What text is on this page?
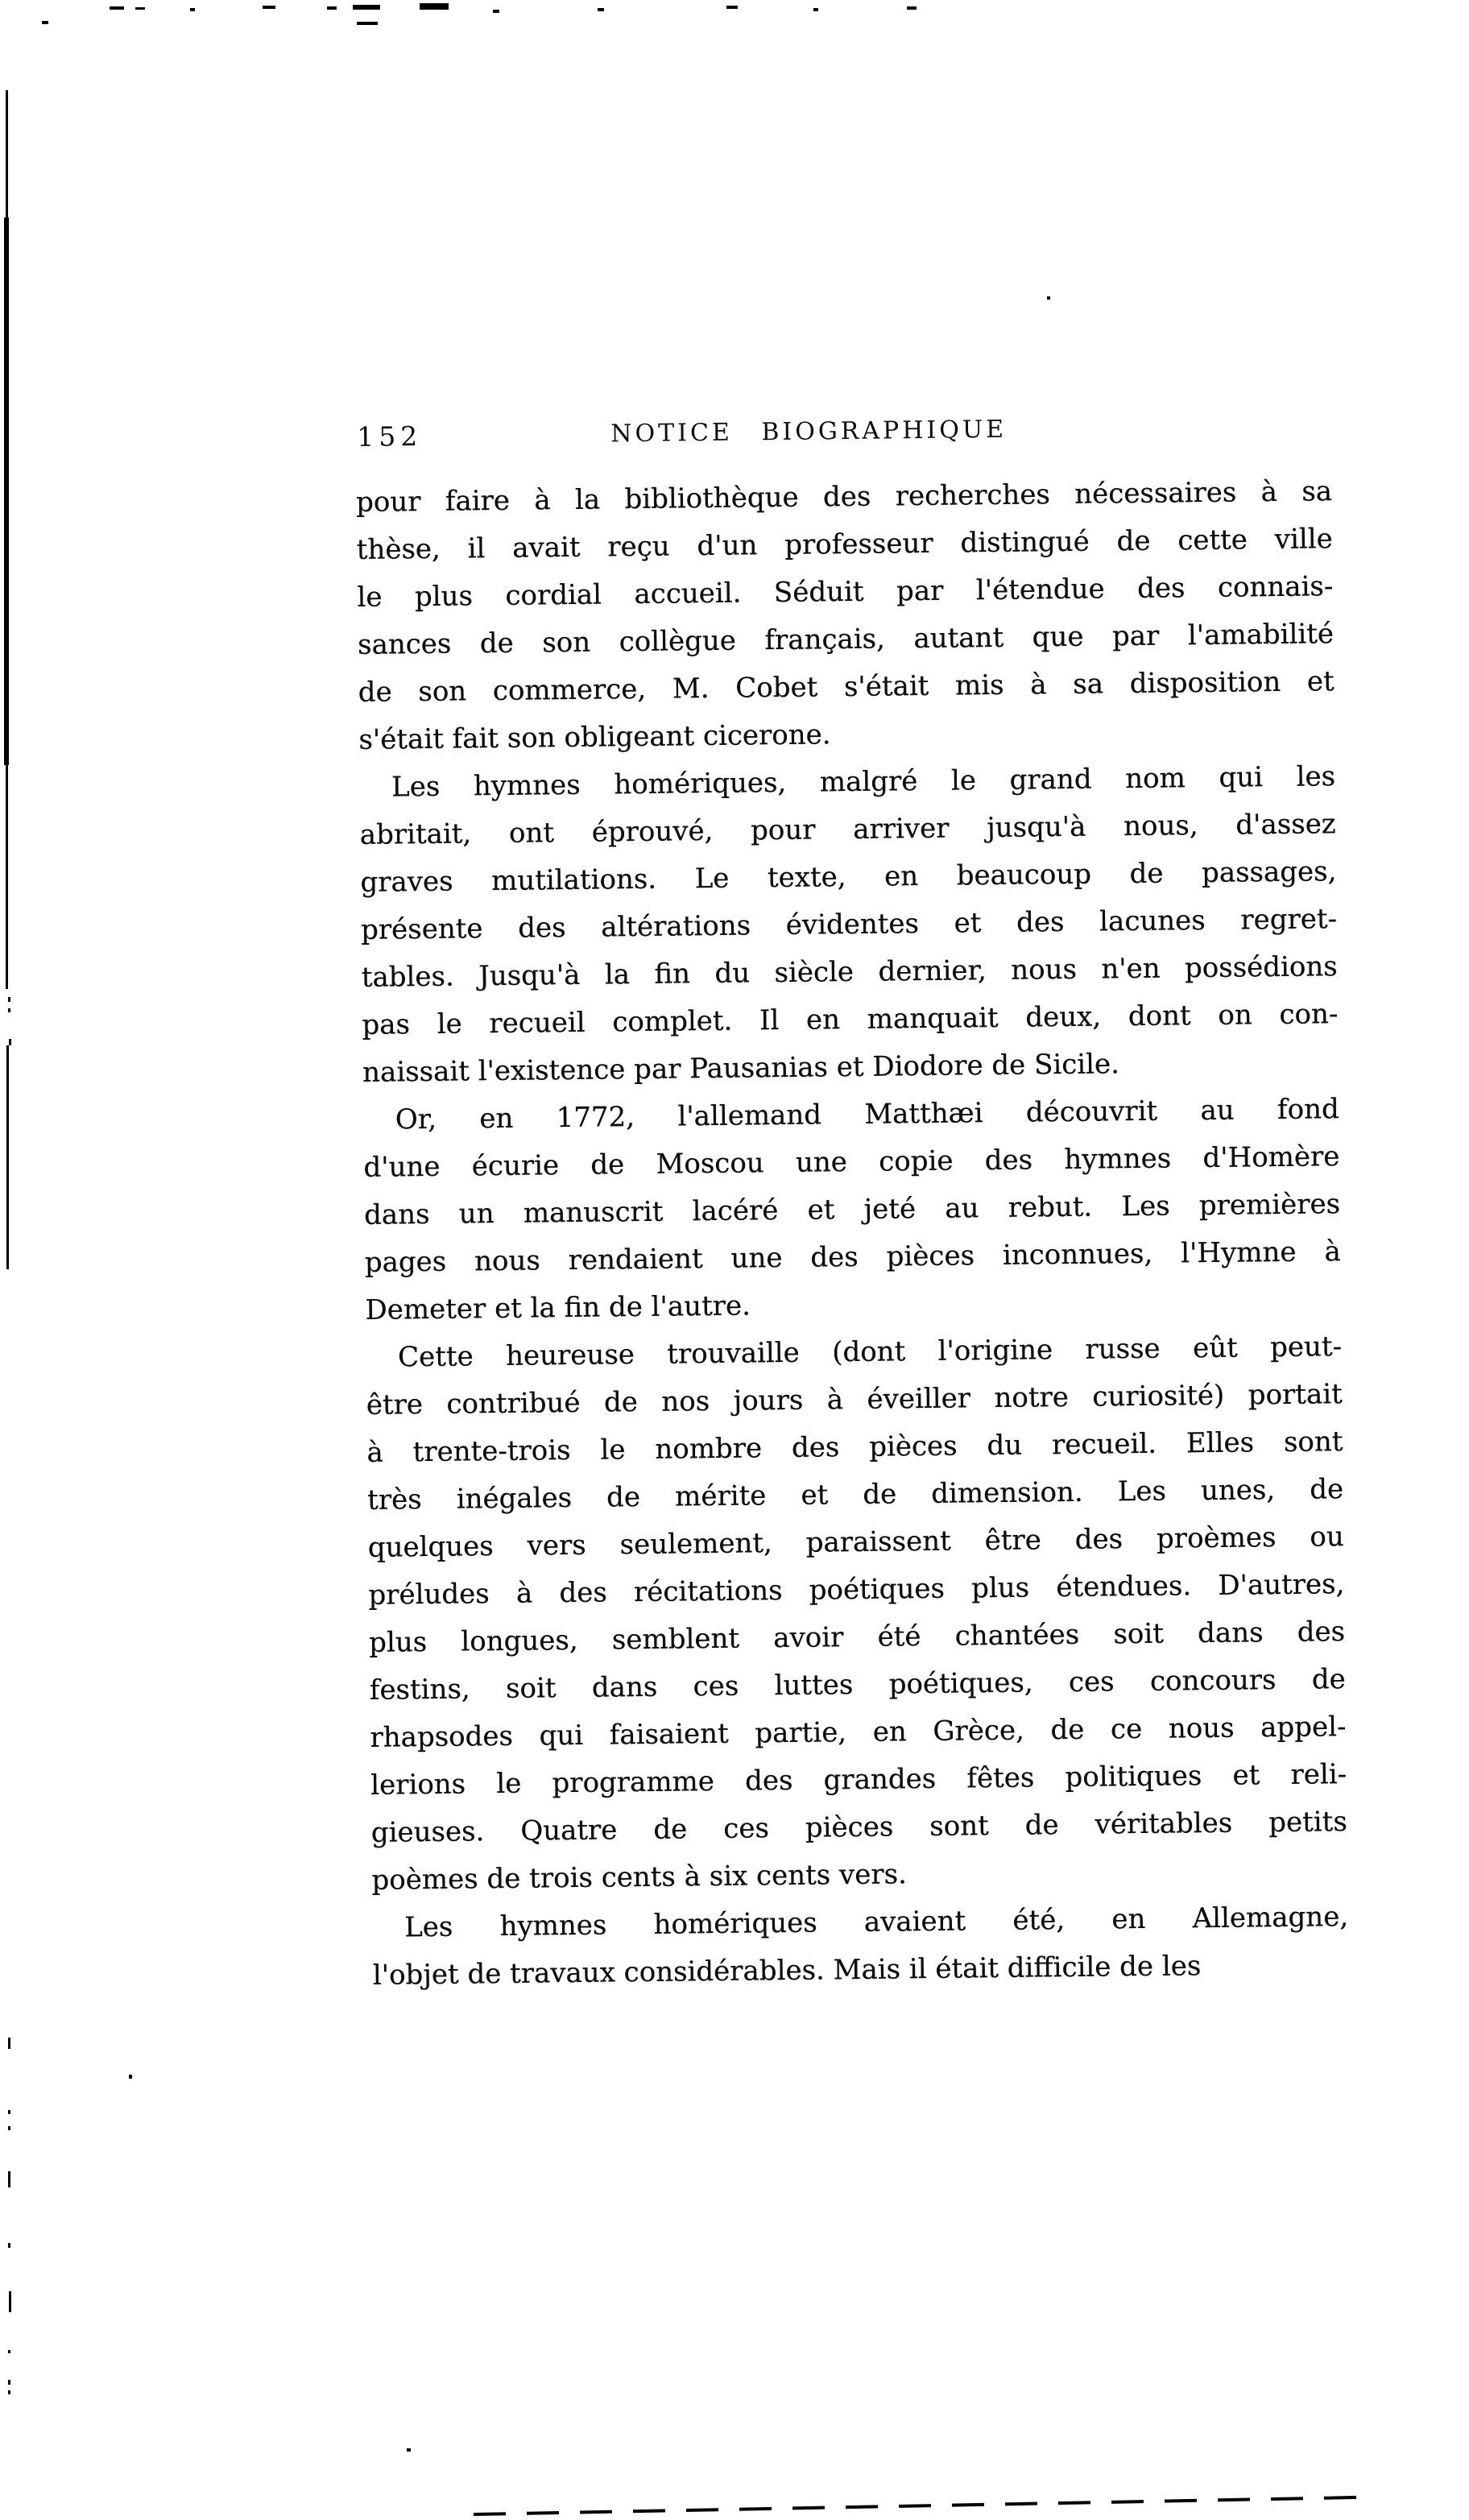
152	NOTICE BIOGRAPHIQUE

pour faire à la bibliothèque des recherches nécessaires à sa
thèse, il avait reçu d'un professeur distingué de cette ville
le plus cordial accueil. Séduit par l'étendue des connais-
sances de son collègue français, autant que par l'amabilité
de son commerce, M. Cobet s'était mis à sa disposition et
s'était fait son obligeant cicerone.

Les hymnes homériques, malgré le grand nom qui les
abritait, ont éprouvé, pour arriver jusqu'à nous, d'assez
graves mutilations. Le texte, en beaucoup de passages,
présente des altérations évidentes et des lacunes regret-
tables. Jusqu'à la fin du siècle dernier, nous n'en possédions
pas le recueil complet. Il en manquait deux, dont on con-
naissait l'existence par Pausanias et Diodore de Sicile.

Or, en 1772, l'allemand Matthæi découvrit au fond
d'une écurie de Moscou une copie des hymnes d'Homère
dans un manuscrit lacéré et jeté au rebut. Les premières
pages nous rendaient une des pièces inconnues, l'Hymne à
Demeter et la fin de l'autre.

Cette heureuse trouvaille (dont l'origine russe eût peut-
être contribué de nos jours à éveiller notre curiosité) portait
à trente-trois le nombre des pièces du recueil. Elles sont
très inégales de mérite et de dimension. Les unes, de
quelques vers seulement, paraissent être des proèmes ou
préludes à des récitations poétiques plus étendues. D'autres,
plus longues, semblent avoir été chantées soit dans des
festins, soit dans ces luttes poétiques, ces concours de
rhapsodes qui faisaient partie, en Grèce, de ce nous appel-
lerions le programme des grandes fêtes politiques et reli-
gieuses. Quatre de ces pièces sont de véritables petits
poèmes de trois cents à six cents vers.

Les hymnes homériques avaient été, en Allemagne,
l'objet de travaux considérables. Mais il était difficile de les
